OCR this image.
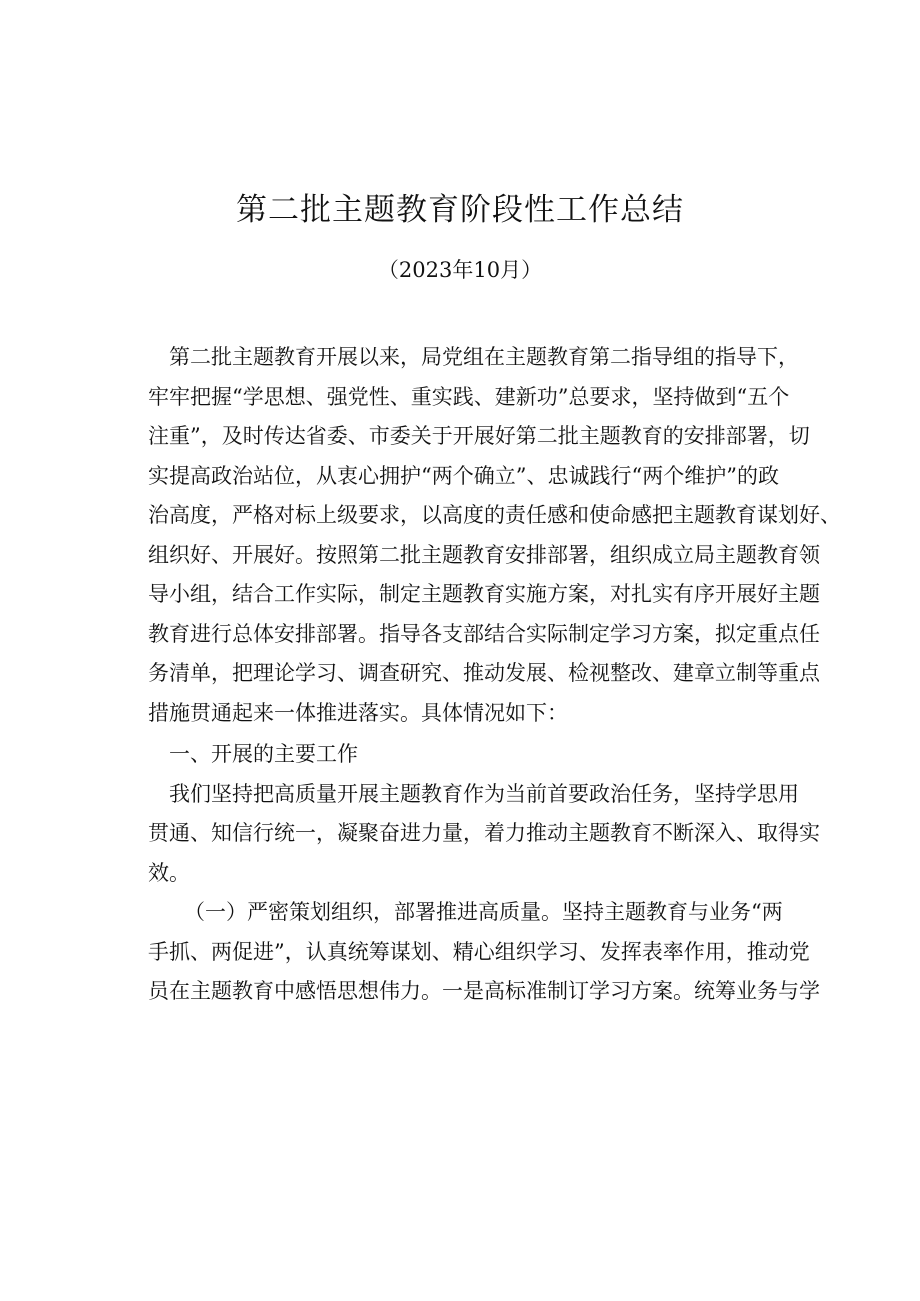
第二批主题教育阶段性工作总结
（2023年10月）

第二批主题教育开展以来，局党组在主题教育第二指导组的指导下，
牢牢把握“学思想、强党性、重实践、建新功”总要求，坚持做到“五个
注重”，及时传达省委、市委关于开展好第二批主题教育的安排部署，切
实提高政治站位，从衷心拥护“两个确立”、忠诚践行“两个维护”的政
治高度，严格对标上级要求，以高度的责任感和使命感把主题教育谋划好、
组织好、开展好。按照第二批主题教育安排部署，组织成立局主题教育领
导小组，结合工作实际，制定主题教育实施方案，对扎实有序开展好主题
教育进行总体安排部署。指导各支部结合实际制定学习方案，拟定重点任
务清单，把理论学习、调查研究、推动发展、检视整改、建章立制等重点
措施贯通起来一体推进落实。具体情况如下：

一、开展的主要工作

我们坚持把高质量开展主题教育作为当前首要政治任务，坚持学思用
贯通、知信行统一，凝聚奋进力量，着力推动主题教育不断深入、取得实
效。

（一）严密策划组织，部署推进高质量。坚持主题教育与业务“两
手抓、两促进”，认真统筹谋划、精心组织学习、发挥表率作用，推动党
员在主题教育中感悟思想伟力。一是高标准制订学习方案。统筹业务与学
